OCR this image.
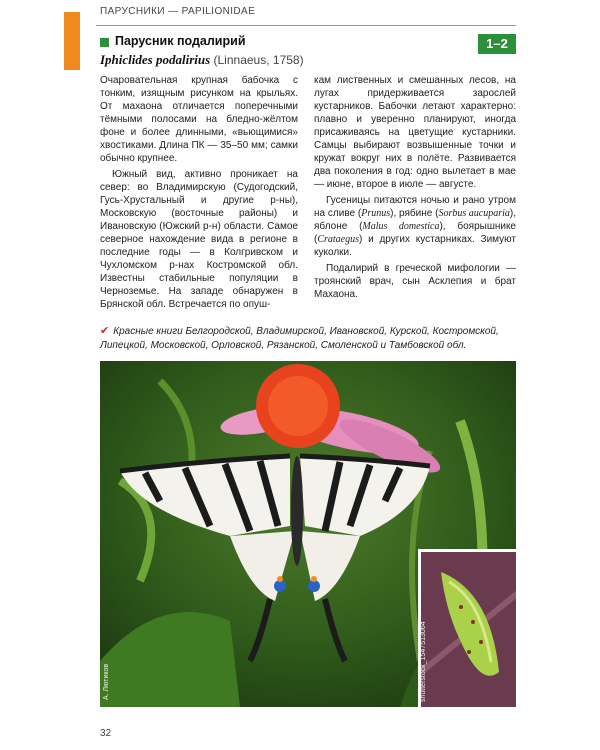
ПАРУСНИКИ — PAPILIONIDAE
Парусник подалирий
Iphiclides podalirius (Linnaeus, 1758)
1–2

Очаровательная крупная бабочка с тонким, изящным рисунком на крыльях. От махаона отличается поперечными тёмными полосами на бледно-жёлтом фоне и более длинными, «вьющимися» хвостиками. Длина ПК — 35–50 мм; самки обычно крупнее.

Южный вид, активно проникает на север: во Владимирскую (Судогодский, Гусь-Хрустальный и другие р-ны), Московскую (восточные районы) и Ивановскую (Южский р-н) области. Самое северное нахождение вида в регионе в последние годы — в Колгривском и Чухломском р-нах Костромской обл. Известны стабильные популяции в Черноземье. На западе обнаружен в Брянской обл. Встречается по опуш-

кам лиственных и смешанных лесов, на лугах придерживается зарослей кустарников. Бабочки летают характерно: плавно и уверенно планируют, иногда присаживаясь на цветущие кустарники. Самцы выбирают возвышенные точки и кружат вокруг них в полёте. Развивается два поколения в год: одно вылетает в мае — июне, второе в июле — августе.

Гусеницы питаются ночью и рано утром на сливе (Prunus), рябине (Sorbus aucuparia), яблоне (Malus domestica), боярышнике (Crataegus) и других кустарниках. Зимуют куколки.

Подалирий в греческой мифологии — троянский врач, сын Асклепия и брат Махаона.

✔ Красные книги Белгородской, Владимирской, Ивановской, Курской, Костромской, Липецкой, Московской, Орловской, Рязанской, Смоленской и Тамбовской обл.
А. Лютиков	shutterstock_1547513064
32
